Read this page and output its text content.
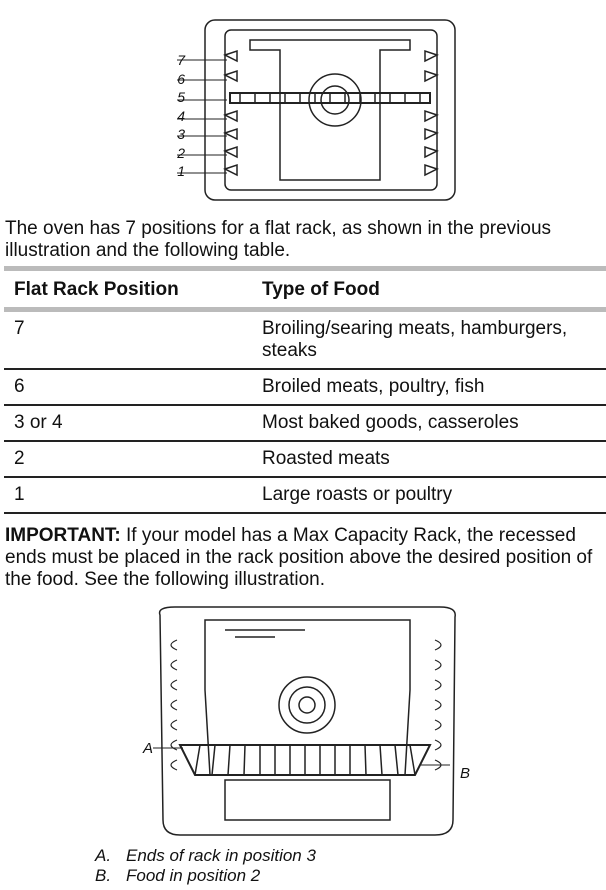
7
6
5
4
3
2
1
The oven has 7 positions for a flat rack, as shown in the previous illustration and the following table.
Flat Rack Position	Type of Food
7	Broiling/searing meats, hamburgers, steaks
6	Broiled meats, poultry, fish
3 or 4	Most baked goods, casseroles
2	Roasted meats
1	Large roasts or poultry
IMPORTANT: If your model has a Max Capacity Rack, the recessed ends must be placed in the rack position above the desired position of the food. See the following illustration.
A
B
A. Ends of rack in position 3
B. Food in position 2
